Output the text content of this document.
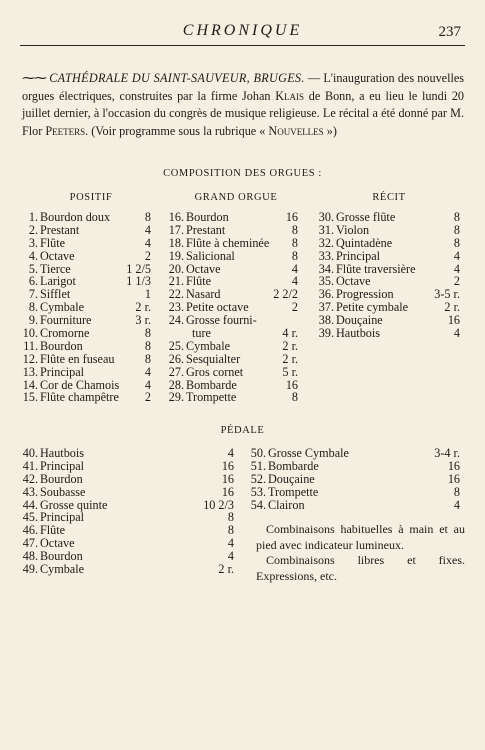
CHRONIQUE	237
⁓⁓ CATHÉDRALE DU SAINT-SAUVEUR, BRUGES. — L'inauguration des nouvelles orgues électriques, construites par la firme Johan Klais de Bonn, a eu lieu le lundi 20 juillet dernier, à l'occasion du congrès de musique religieuse. Le récital a été donné par M. Flor Peeters. (Voir programme sous la rubrique « Nouvelles »)
COMPOSITION DES ORGUES :
POSITIF	GRAND ORGUE	RÉCIT
1. Bourdon doux	8
2. Prestant	4
3. Flûte	4
4. Octave	2
5. Tierce	1 2/5
6. Larigot	1 1/3
7. Sifflet	1
8. Cymbale	2 r.
9. Fourniture	3 r.
10. Cromorne	8
11. Bourdon	8
12. Flûte en fuseau 8
13. Principal	4
14. Cor de Chamois 4
15. Flûte champêtre 2
16. Bourdon	16
17. Prestant	8
18. Flûte à cheminée 8
19. Salicional	8
20. Octave	4
21. Flûte	4
22. Nasard	2 2/2
23. Petite octave	2
24. Grosse fourni-
ture	4 r.
25. Cymbale	2 r.
26. Sesquialter	2 r.
27. Gros cornet	5 r.
28. Bombarde	16
29. Trompette	8
30. Grosse flûte	8
31. Violon	8
32. Quintadène	8
33. Principal	4
34. Flûte traversière	4
35. Octave	2
36. Progression	3-5 r.
37. Petite cymbale	2 r.
38. Douçaine	16
39. Hautbois	4
PÉDALE
40. Hautbois	4
41. Principal	16
42. Bourdon	16
43. Soubasse	16
44. Grosse quinte	10 2/3
45. Principal	8
46. Flûte	8
47. Octave	4
48. Bourdon	4
49. Cymbale	2 r.
50. Grosse Cymbale	3-4 r.
51. Bombarde	16
52. Douçaine	16
53. Trompette	8
54. Clairon	4

Combinaisons habituelles à main et au pied avec indicateur lumineux.

Combinaisons libres et fixes. Expressions, etc.
